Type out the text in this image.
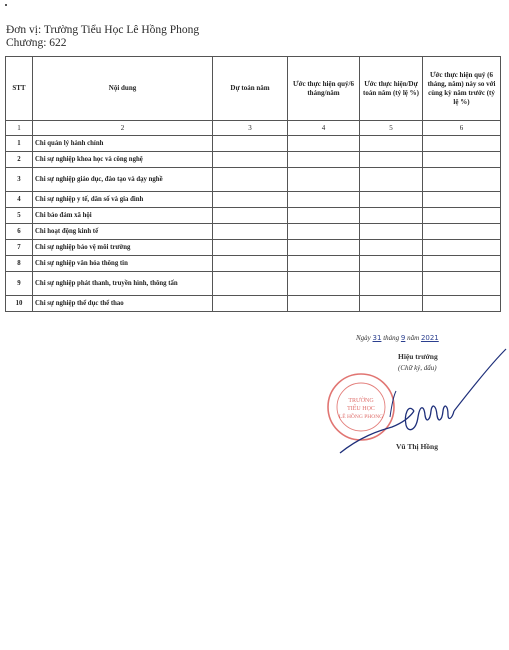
Đơn vị: Trường Tiểu Học Lê Hồng Phong
Chương: 622
STT	Nội dung	Dự toán năm	Ước thực hiện quý/6 tháng/năm	Ước thực hiện/Dự toán năm (tỷ lệ %)	Ước thực hiện quý (6 tháng, năm) này so với cùng kỳ năm trước (tỷ lệ %)
1	2	3	4	5	6
1	Chi quản lý hành chính				
2	Chi sự nghiệp khoa học và công nghệ				
3	Chi sự nghiệp giáo dục, đào tạo và dạy nghề				
4	Chi sự nghiệp y tế, dân số và gia đình				
5	Chi bảo đảm xã hội				
6	Chi hoạt động kinh tế				
7	Chi sự nghiệp bảo vệ môi trường				
8	Chi sự nghiệp văn hóa thông tin				
9	Chi sự nghiệp phát thanh, truyền hình, thông tấn				
10	Chi sự nghiệp thể dục thể thao				
Ngày 31 tháng 9 năm 2021
Hiệu trưởng
(Chữ ký, dấu)
TRƯỜNG
TIỂU HỌC
LÊ HỒNG PHONG
Vũ Thị Hồng
